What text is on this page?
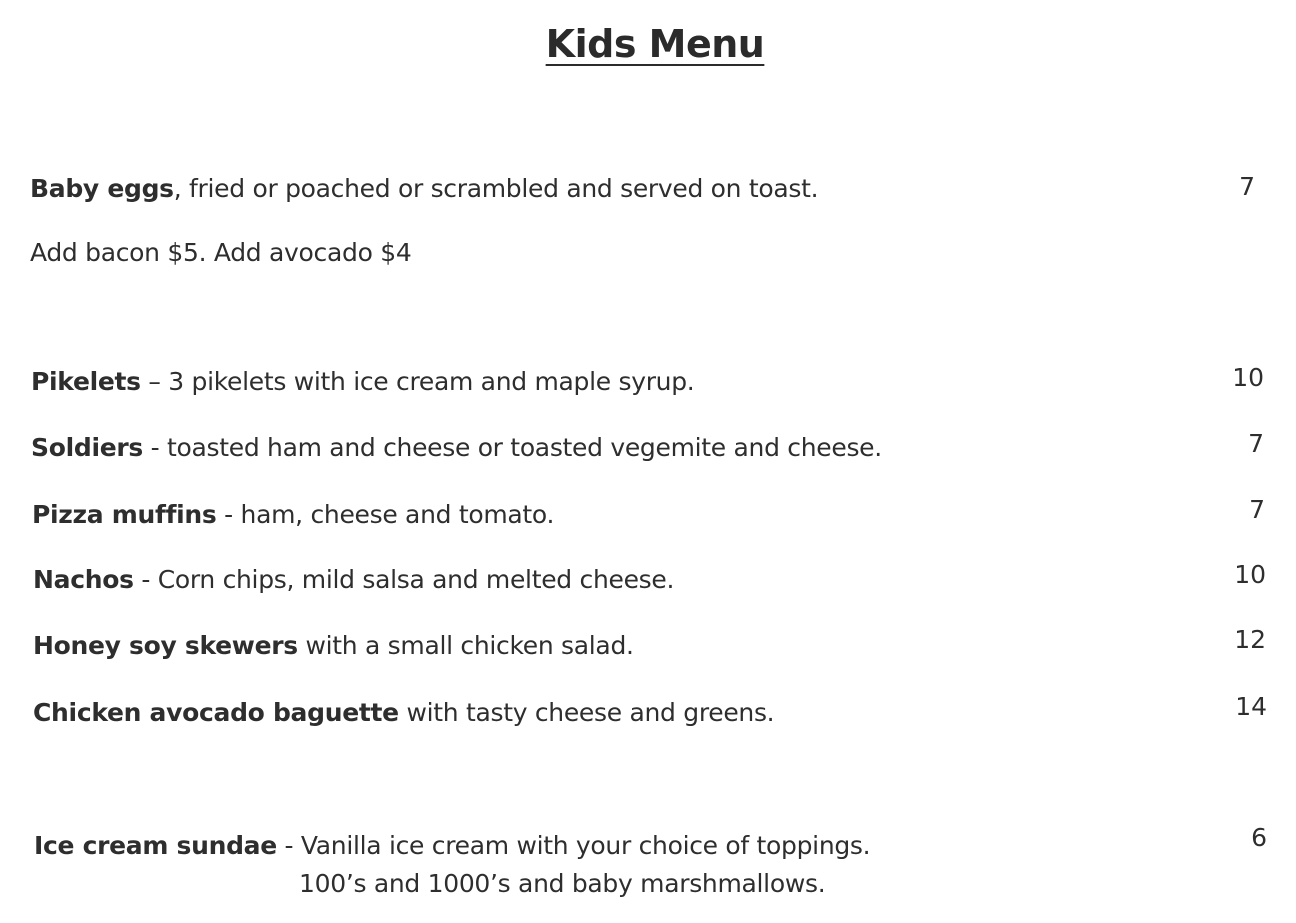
Kids Menu
Baby eggs, fried or poached or scrambled and served on toast.	7
Add bacon $5. Add avocado $4
Pikelets – 3 pikelets with ice cream and maple syrup.	10
Soldiers - toasted ham and cheese or toasted vegemite and cheese.	7
Pizza muffins - ham, cheese and tomato.	7
Nachos - Corn chips, mild salsa and melted cheese.	10
Honey soy skewers with a small chicken salad.	12
Chicken avocado baguette with tasty cheese and greens.	14
Ice cream sundae - Vanilla ice cream with your choice of toppings.	6
100’s and 1000’s and baby marshmallows.
